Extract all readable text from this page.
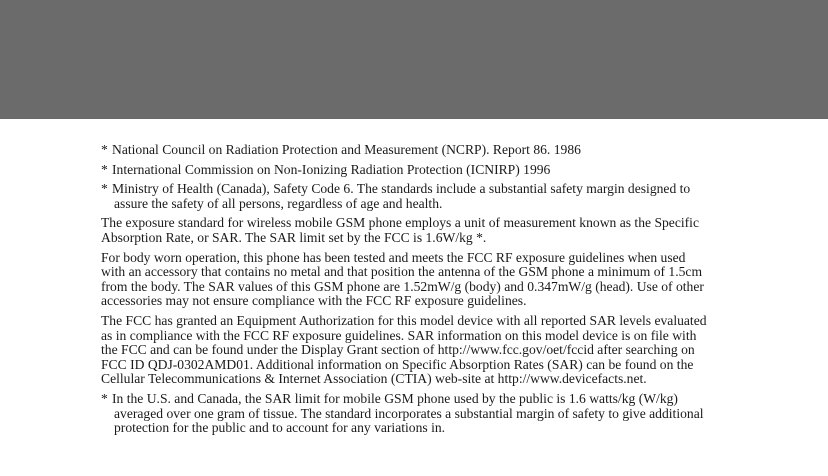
* National Council on Radiation Protection and Measurement (NCRP). Report 86. 1986

* International Commission on Non-Ionizing Radiation Protection (ICNIRP) 1996

* Ministry of Health (Canada), Safety Code 6. The standards include a substantial safety margin designed to assure the safety of all persons, regardless of age and health.

The exposure standard for wireless mobile GSM phone employs a unit of measurement known as the Specific Absorption Rate, or SAR. The SAR limit set by the FCC is 1.6W/kg *.

For body worn operation, this phone has been tested and meets the FCC RF exposure guidelines when used with an accessory that contains no metal and that position the antenna of the GSM phone a minimum of 1.5cm from the body. The SAR values of this GSM phone are 1.52mW/g (body) and 0.347mW/g (head). Use of other accessories may not ensure compliance with the FCC RF exposure guidelines.

The FCC has granted an Equipment Authorization for this model device with all reported SAR levels evaluated as in compliance with the FCC RF exposure guidelines. SAR information on this model device is on file with the FCC and can be found under the Display Grant section of http://www.fcc.gov/oet/fccid after searching on FCC ID QDJ-0302AMD01. Additional information on Specific Absorption Rates (SAR) can be found on the Cellular Telecommunications & Internet Association (CTIA) web-site at http://www.devicefacts.net.

* In the U.S. and Canada, the SAR limit for mobile GSM phone used by the public is 1.6 watts/kg (W/kg) averaged over one gram of tissue. The standard incorporates a substantial margin of safety to give additional protection for the public and to account for any variations in.
